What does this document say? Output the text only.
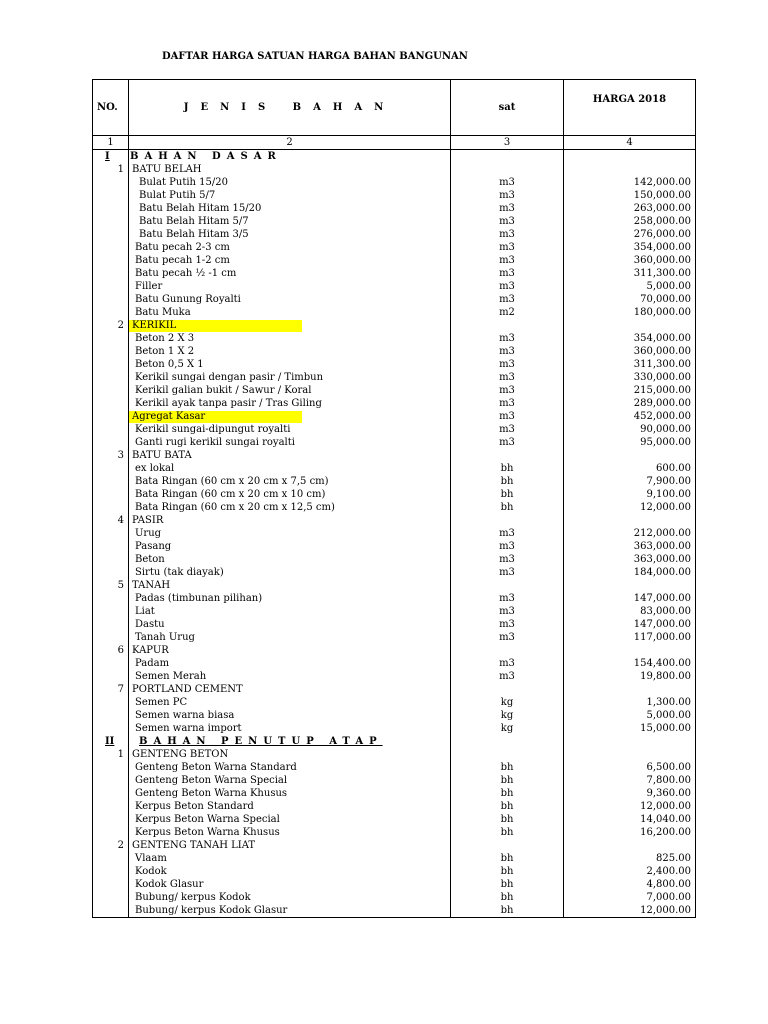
DAFTAR HARGA SATUAN HARGA BAHAN BANGUNAN
NO.	JENIS BAHAN	sat	HARGA 2018
1	2	3	4
I	BAHAN DASAR		
1	BATU BELAH		
	Bulat Putih 15/20	m3	142,000.00
	Bulat Putih 5/7	m3	150,000.00
	Batu Belah Hitam 15/20	m3	263,000.00
	Batu Belah Hitam 5/7	m3	258,000.00
	Batu Belah Hitam 3/5	m3	276,000.00
	Batu pecah 2-3 cm	m3	354,000.00
	Batu pecah 1-2 cm	m3	360,000.00
	Batu pecah ½ -1 cm	m3	311,300.00
	Filler	m3	5,000.00
	Batu Gunung Royalti	m3	70,000.00
	Batu Muka	m2	180,000.00
2	KERIKIL		
	Beton 2 X 3	m3	354,000.00
	Beton 1 X 2	m3	360,000.00
	Beton 0,5 X 1	m3	311,300.00
	Kerikil sungai dengan pasir / Timbun	m3	330,000.00
	Kerikil galian bukit / Sawur / Koral	m3	215,000.00
	Kerikil ayak tanpa pasir / Tras Giling	m3	289,000.00
	Agregat Kasar	m3	452,000.00
	Kerikil sungai-dipungut royalti	m3	90,000.00
	Ganti rugi kerikil sungai royalti	m3	95,000.00
3	BATU BATA		
	ex lokal	bh	600.00
	Bata Ringan (60 cm x 20 cm x 7,5 cm)	bh	7,900.00
	Bata Ringan (60 cm x 20 cm x 10 cm)	bh	9,100.00
	Bata Ringan (60 cm x 20 cm x 12,5 cm)	bh	12,000.00
4	PASIR		
	Urug	m3	212,000.00
	Pasang	m3	363,000.00
	Beton	m3	363,000.00
	Sirtu (tak diayak)	m3	184,000.00
5	TANAH		
	Padas (timbunan pilihan)	m3	147,000.00
	Liat	m3	83,000.00
	Dastu	m3	147,000.00
	Tanah Urug	m3	117,000.00
6	KAPUR		
	Padam	m3	154,400.00
	Semen Merah	m3	19,800.00
7	PORTLAND CEMENT		
	Semen PC	kg	1,300.00
	Semen warna biasa	kg	5,000.00
	Semen warna import	kg	15,000.00
II	BAHAN PENUTUP ATAP		
1	GENTENG BETON		
	Genteng Beton Warna Standard	bh	6,500.00
	Genteng Beton Warna Special	bh	7,800.00
	Genteng Beton Warna Khusus	bh	9,360.00
	Kerpus Beton Standard	bh	12,000.00
	Kerpus Beton Warna Special	bh	14,040.00
	Kerpus Beton Warna Khusus	bh	16,200.00
2	GENTENG TANAH LIAT		
	Vlaam	bh	825.00
	Kodok	bh	2,400.00
	Kodok Glasur	bh	4,800.00
	Bubung/ kerpus Kodok	bh	7,000.00
	Bubung/ kerpus Kodok Glasur	bh	12,000.00
